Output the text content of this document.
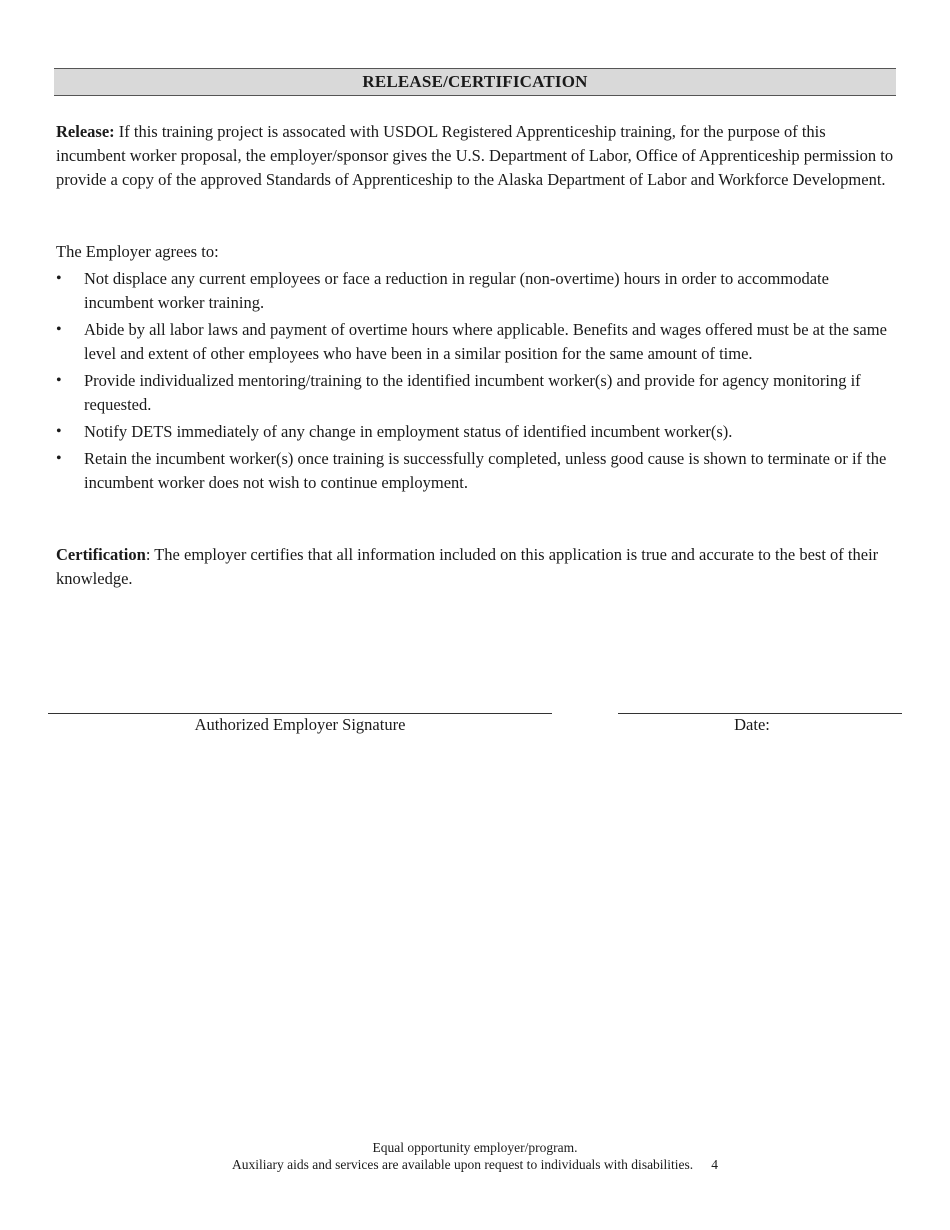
RELEASE/CERTIFICATION

Release: If this training project is assocated with USDOL Registered Apprenticeship training, for the purpose of this incumbent worker proposal, the employer/sponsor gives the U.S. Department of Labor, Office of Apprenticeship permission to provide a copy of the approved Standards of Apprenticeship to the Alaska Department of Labor and Workforce Development.

The Employer agrees to:

•	Not displace any current employees or face a reduction in regular (non-overtime) hours in order to accommodate incumbent worker training.
•	Abide by all labor laws and payment of overtime hours where applicable. Benefits and wages offered must be at the same level and extent of other employees who have been in a similar position for the same amount of time.
•	Provide individualized mentoring/training to the identified incumbent worker(s) and provide for agency monitoring if requested.
•	Notify DETS immediately of any change in employment status of identified incumbent worker(s).
•	Retain the incumbent worker(s) once training is successfully completed, unless good cause is shown to terminate or if the incumbent worker does not wish to continue employment.

Certification: The employer certifies that all information included on this application is true and accurate to the best of their knowledge.

Authorized Employer Signature	Date:
Equal opportunity employer/program.
Auxiliary aids and services are available upon request to individuals with disabilities. 4
